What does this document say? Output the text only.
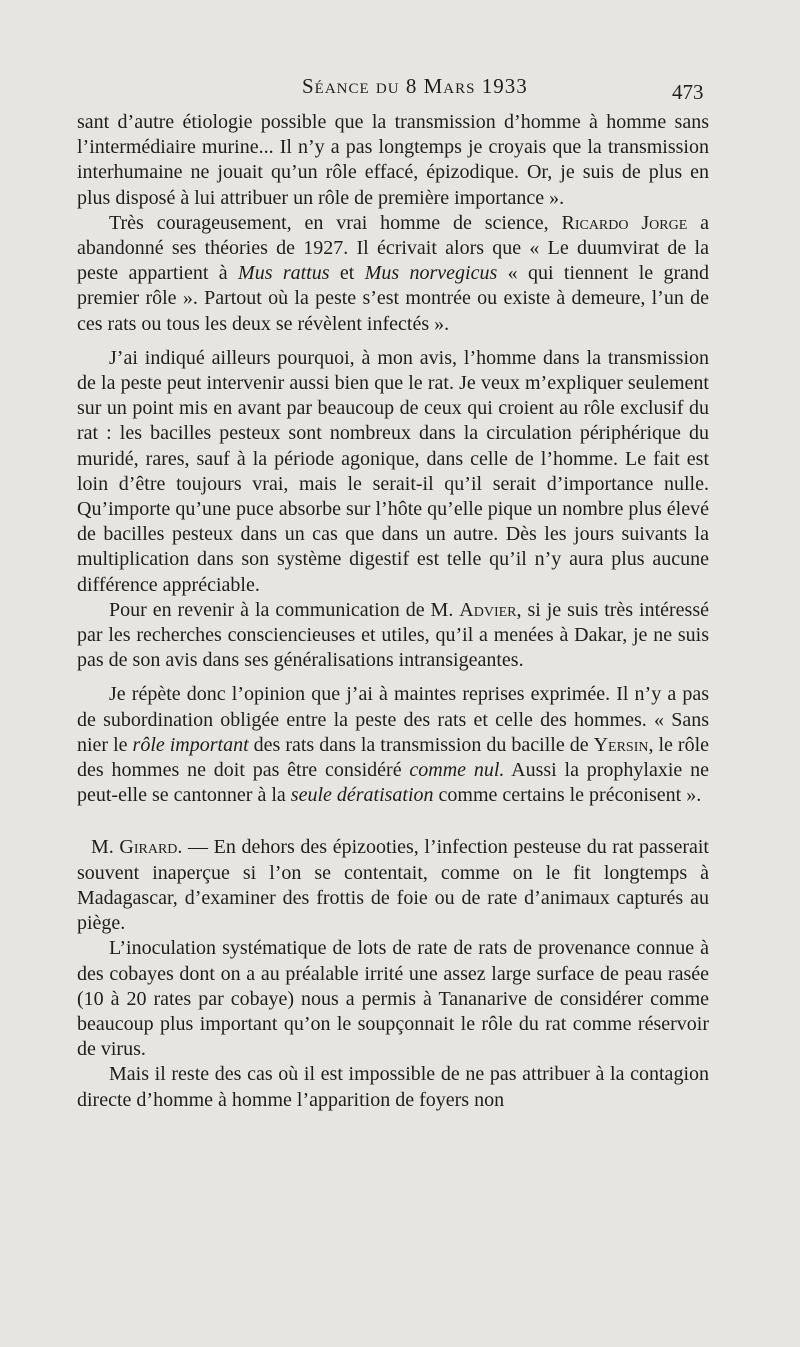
Séance du 8 Mars 1933	473

sant d’autre étiologie possible que la transmission d’homme à homme sans l’intermédiaire murine... Il n’y a pas longtemps je croyais que la transmission interhumaine ne jouait qu’un rôle effacé, épizodique. Or, je suis de plus en plus disposé à lui attribuer un rôle de première importance ».

Très courageusement, en vrai homme de science, Ricardo Jorge a abandonné ses théories de 1927. Il écrivait alors que « Le duumvirat de la peste appartient à Mus rattus et Mus norvegicus « qui tiennent le grand premier rôle ». Partout où la peste s’est montrée ou existe à demeure, l’un de ces rats ou tous les deux se révèlent infectés ».

J’ai indiqué ailleurs pourquoi, à mon avis, l’homme dans la transmission de la peste peut intervenir aussi bien que le rat. Je veux m’expliquer seulement sur un point mis en avant par beaucoup de ceux qui croient au rôle exclusif du rat : les bacilles pesteux sont nombreux dans la circulation périphérique du muridé, rares, sauf à la période agonique, dans celle de l’homme. Le fait est loin d’être toujours vrai, mais le serait-il qu’il serait d’importance nulle. Qu’importe qu’une puce absorbe sur l’hôte qu’elle pique un nombre plus élevé de bacilles pesteux dans un cas que dans un autre. Dès les jours suivants la multiplication dans son système digestif est telle qu’il n’y aura plus aucune différence appréciable.

Pour en revenir à la communication de M. Advier, si je suis très intéressé par les recherches consciencieuses et utiles, qu’il a menées à Dakar, je ne suis pas de son avis dans ses généralisations intransigeantes.

Je répète donc l’opinion que j’ai à maintes reprises exprimée. Il n’y a pas de subordination obligée entre la peste des rats et celle des hommes. « Sans nier le rôle important des rats dans la transmission du bacille de Yersin, le rôle des hommes ne doit pas être considéré comme nul. Aussi la prophylaxie ne peut-elle se cantonner à la seule dératisation comme certains le préconisent ».

M. Girard. — En dehors des épizooties, l’infection pesteuse du rat passerait souvent inaperçue si l’on se contentait, comme on le fit longtemps à Madagascar, d’examiner des frottis de foie ou de rate d’animaux capturés au piège.

L’inoculation systématique de lots de rate de rats de provenance connue à des cobayes dont on a au préalable irrité une assez large surface de peau rasée (10 à 20 rates par cobaye) nous a permis à Tananarive de considérer comme beaucoup plus important qu’on le soupçonnait le rôle du rat comme réservoir de virus.

Mais il reste des cas où il est impossible de ne pas attribuer à la contagion directe d’homme à homme l’apparition de foyers non
